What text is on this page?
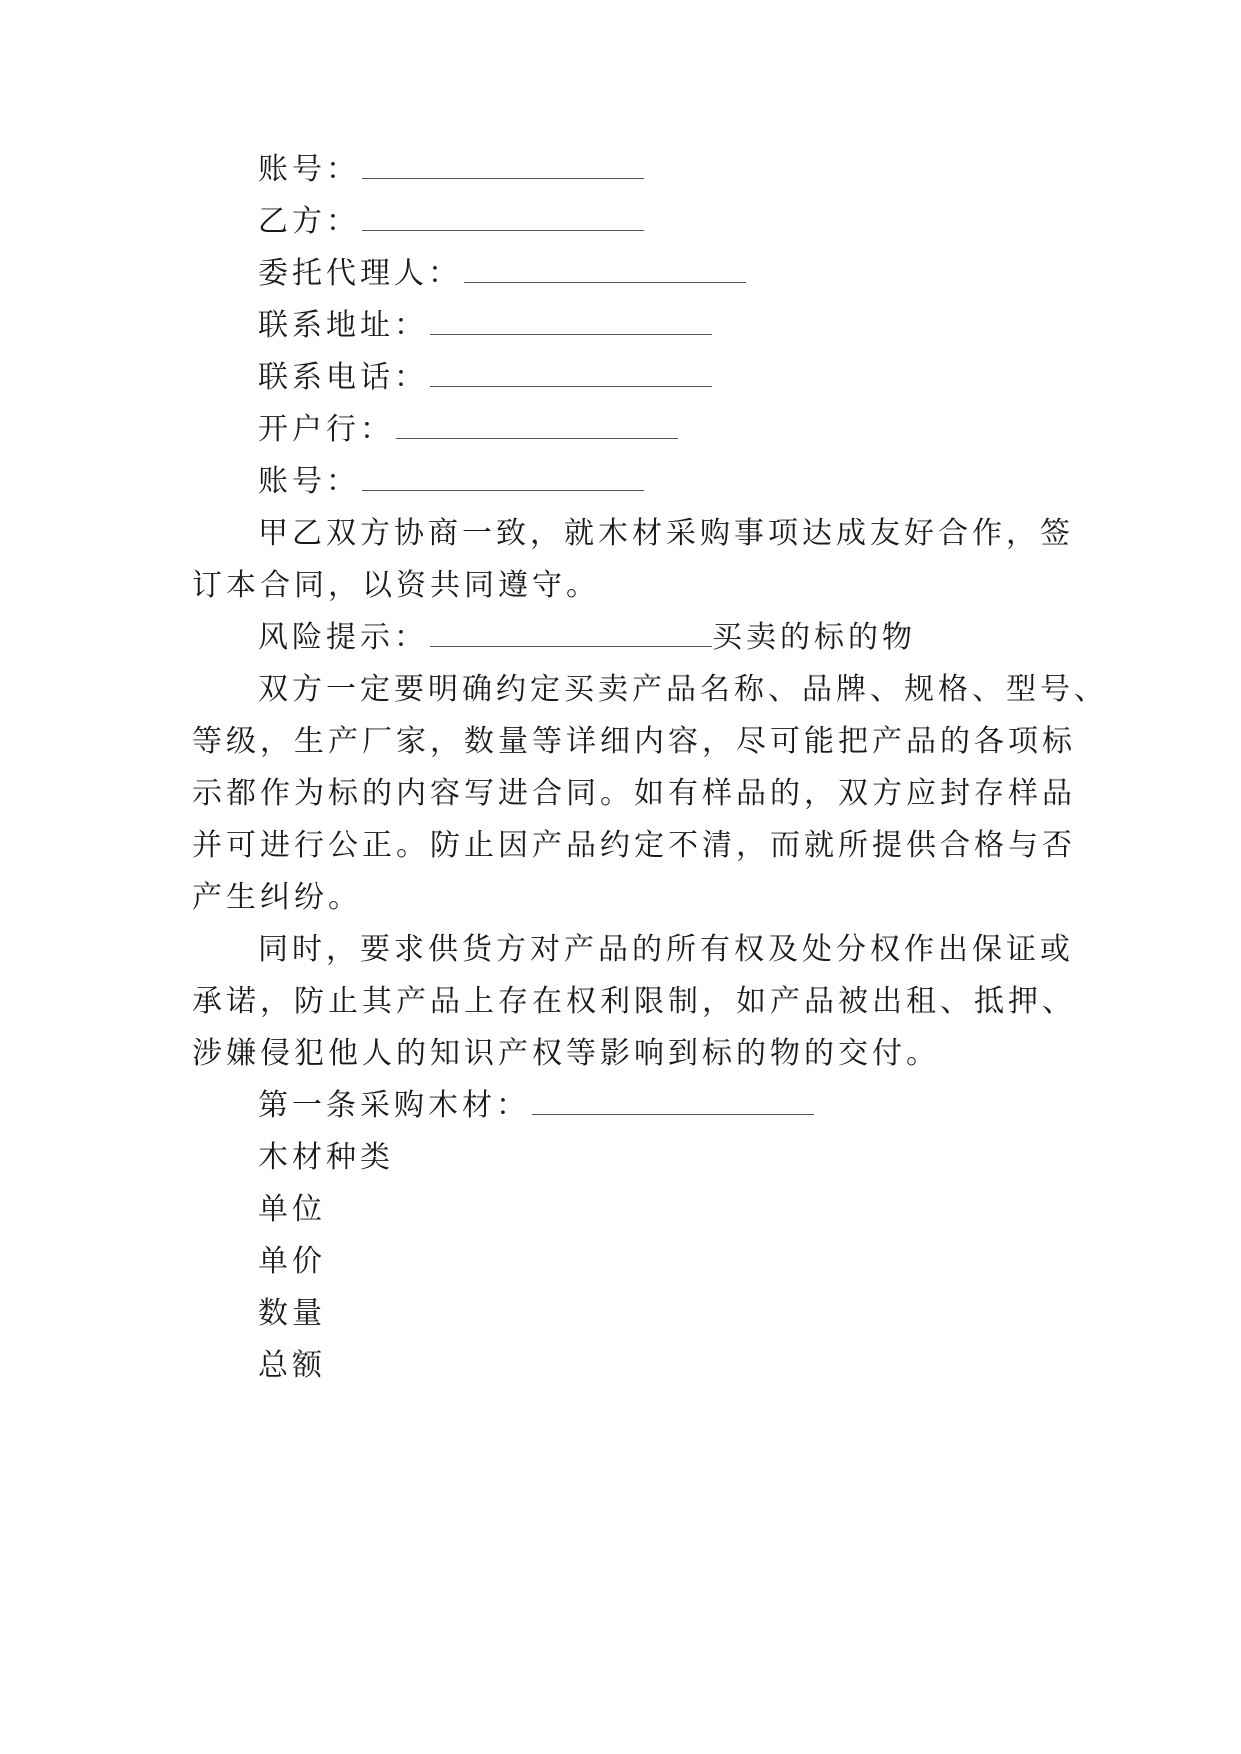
账号：
乙方：
委托代理人：
联系地址：
联系电话：
开户行：
账号：
甲乙双方协商一致，就木材采购事项达成友好合作，签
订本合同，以资共同遵守。
风险提示：	买卖的标的物
双方一定要明确约定买卖产品名称、品牌、规格、型号、
等级，生产厂家，数量等详细内容，尽可能把产品的各项标
示都作为标的内容写进合同。如有样品的，双方应封存样品
并可进行公正。防止因产品约定不清，而就所提供合格与否
产生纠纷。
同时，要求供货方对产品的所有权及处分权作出保证或
承诺，防止其产品上存在权利限制，如产品被出租、抵押、
涉嫌侵犯他人的知识产权等影响到标的物的交付。
第一条采购木材：
木材种类
单位
单价
数量
总额
